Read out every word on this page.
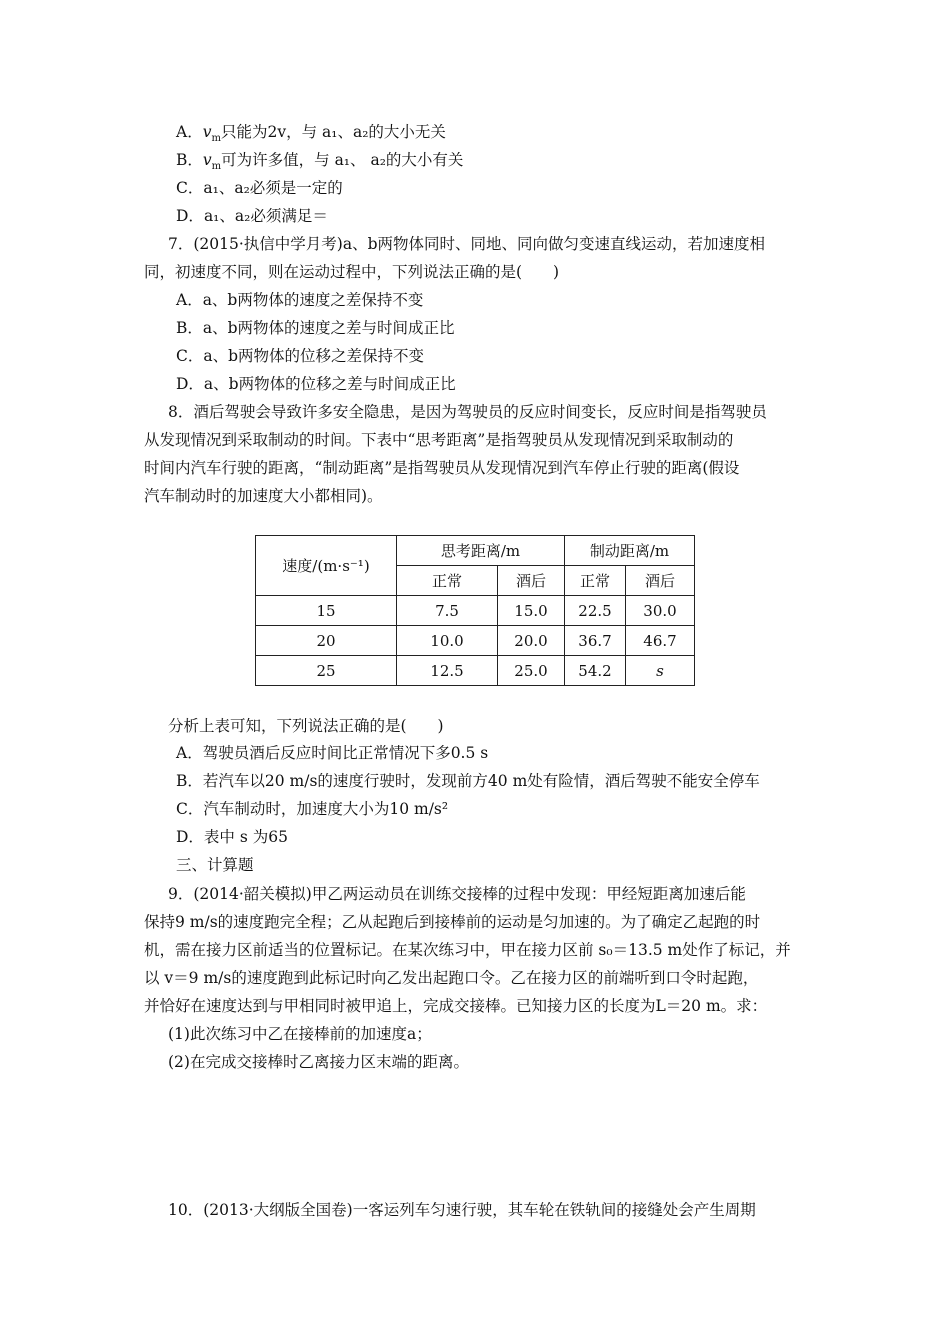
A．$v_m$只能为2v，与 a₁、a₂的大小无关
B．$v_m$可为许多值，与 a₁、 a₂的大小有关
C．a₁、a₂必须是一定的
D．a₁、a₂必须满足＝
7．(2015·执信中学月考)a、b两物体同时、同地、同向做匀变速直线运动，若加速度相
同，初速度不同，则在运动过程中，下列说法正确的是(　　)
A．a、b两物体的速度之差保持不变
B．a、b两物体的速度之差与时间成正比
C．a、b两物体的位移之差保持不变
D．a、b两物体的位移之差与时间成正比
8．酒后驾驶会导致许多安全隐患，是因为驾驶员的反应时间变长，反应时间是指驾驶员
从发现情况到采取制动的时间。下表中“思考距离”是指驾驶员从发现情况到采取制动的
时间内汽车行驶的距离，“制动距离”是指驾驶员从发现情况到汽车停止行驶的距离(假设
汽车制动时的加速度大小都相同)。
速度/(m·s⁻¹)	思考距离/m		制动距离/m	
	正常	酒后	正常	酒后
15	7.5	15.0	22.5	30.0
20	10.0	20.0	36.7	46.7
25	12.5	25.0	54.2	s
分析上表可知，下列说法正确的是(　　)
A．驾驶员酒后反应时间比正常情况下多0.5 s
B．若汽车以20 m/s的速度行驶时，发现前方40 m处有险情，酒后驾驶不能安全停车
C．汽车制动时，加速度大小为10 m/s²
D．表中 s 为65
三、计算题
9．(2014·韶关模拟)甲乙两运动员在训练交接棒的过程中发现：甲经短距离加速后能
保持9 m/s的速度跑完全程；乙从起跑后到接棒前的运动是匀加速的。为了确定乙起跑的时
机，需在接力区前适当的位置标记。在某次练习中，甲在接力区前 s₀＝13.5 m处作了标记，并
以 v＝9 m/s的速度跑到此标记时向乙发出起跑口令。乙在接力区的前端听到口令时起跑，
并恰好在速度达到与甲相同时被甲追上，完成交接棒。已知接力区的长度为L＝20 m。求：
(1)此次练习中乙在接棒前的加速度a；
(2)在完成交接棒时乙离接力区末端的距离。
10．(2013·大纲版全国卷)一客运列车匀速行驶，其车轮在铁轨间的接缝处会产生周期
